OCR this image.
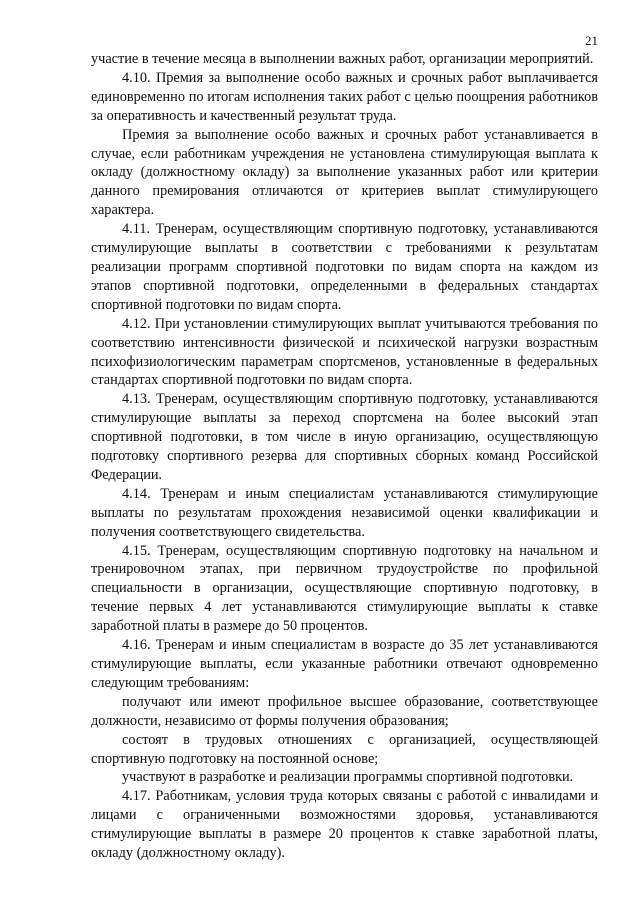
21

участие в течение месяца в выполнении важных работ, организации мероприятий.

4.10. Премия за выполнение особо важных и срочных работ выплачивается единовременно по итогам исполнения таких работ с целью поощрения работников за оперативность и качественный результат труда.

Премия за выполнение особо важных и срочных работ устанавливается в случае, если работникам учреждения не установлена стимулирующая выплата к окладу (должностному окладу) за выполнение указанных работ или критерии данного премирования отличаются от критериев выплат стимулирующего характера.

4.11. Тренерам, осуществляющим спортивную подготовку, устанавливаются стимулирующие выплаты в соответствии с требованиями к результатам реализации программ спортивной подготовки по видам спорта на каждом из этапов спортивной подготовки, определенными в федеральных стандартах спортивной подготовки по видам спорта.

4.12. При установлении стимулирующих выплат учитываются требования по соответствию интенсивности физической и психической нагрузки возрастным психофизиологическим параметрам спортсменов, установленные в федеральных стандартах спортивной подготовки по видам спорта.

4.13. Тренерам, осуществляющим спортивную подготовку, устанавливаются стимулирующие выплаты за переход спортсмена на более высокий этап спортивной подготовки, в том числе в иную организацию, осуществляющую подготовку спортивного резерва для спортивных сборных команд Российской Федерации.

4.14. Тренерам и иным специалистам устанавливаются стимулирующие выплаты по результатам прохождения независимой оценки квалификации и получения соответствующего свидетельства.

4.15. Тренерам, осуществляющим спортивную подготовку на начальном и тренировочном этапах, при первичном трудоустройстве по профильной специальности в организации, осуществляющие спортивную подготовку, в течение первых 4 лет устанавливаются стимулирующие выплаты к ставке заработной платы в размере до 50 процентов.

4.16. Тренерам и иным специалистам в возрасте до 35 лет устанавливаются стимулирующие выплаты, если указанные работники отвечают одновременно следующим требованиям:

получают или имеют профильное высшее образование, соответствующее должности, независимо от формы получения образования;

состоят в трудовых отношениях с организацией, осуществляющей спортивную подготовку на постоянной основе;

участвуют в разработке и реализации программы спортивной подготовки.

4.17. Работникам, условия труда которых связаны с работой с инвалидами и лицами с ограниченными возможностями здоровья, устанавливаются стимулирующие выплаты в размере 20 процентов к ставке заработной платы, окладу (должностному окладу).
